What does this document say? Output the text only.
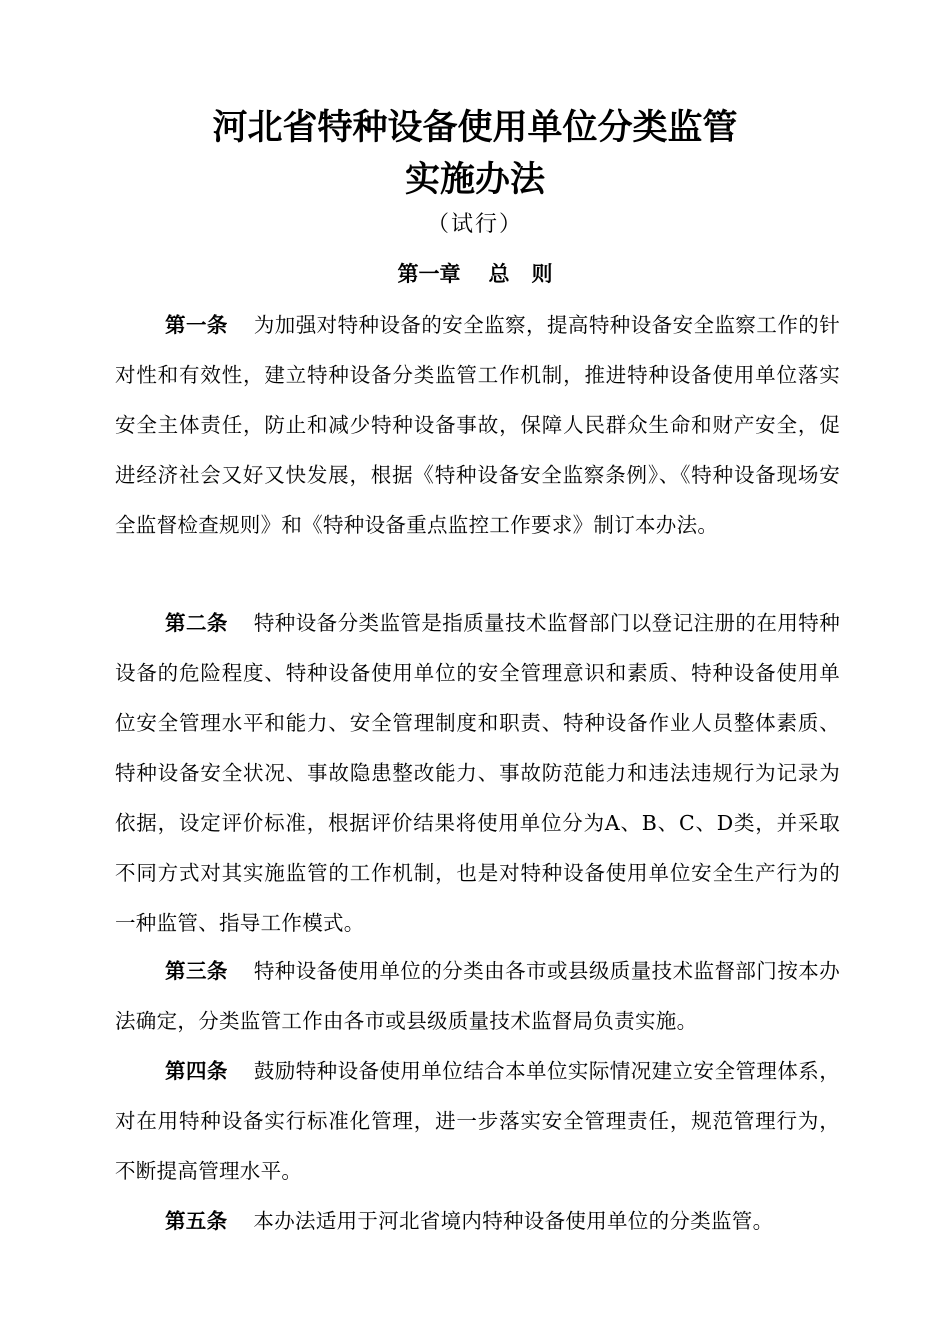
河北省特种设备使用单位分类监管
实施办法

（试行）

第一章 总 则

第一条 为加强对特种设备的安全监察，提高特种设备安全监察工作的针对性和有效性，建立特种设备分类监管工作机制，推进特种设备使用单位落实安全主体责任，防止和减少特种设备事故，保障人民群众生命和财产安全，促进经济社会又好又快发展，根据《特种设备安全监察条例》、《特种设备现场安全监督检查规则》和《特种设备重点监控工作要求》制订本办法。

第二条 特种设备分类监管是指质量技术监督部门以登记注册的在用特种设备的危险程度、特种设备使用单位的安全管理意识和素质、特种设备使用单位安全管理水平和能力、安全管理制度和职责、特种设备作业人员整体素质、特种设备安全状况、事故隐患整改能力、事故防范能力和违法违规行为记录为依据，设定评价标准，根据评价结果将使用单位分为A、B、C、D类，并采取不同方式对其实施监管的工作机制，也是对特种设备使用单位安全生产行为的一种监管、指导工作模式。

第三条 特种设备使用单位的分类由各市或县级质量技术监督部门按本办法确定，分类监管工作由各市或县级质量技术监督局负责实施。

第四条 鼓励特种设备使用单位结合本单位实际情况建立安全管理体系，对在用特种设备实行标准化管理，进一步落实安全管理责任，规范管理行为，不断提高管理水平。

第五条 本办法适用于河北省境内特种设备使用单位的分类监管。
